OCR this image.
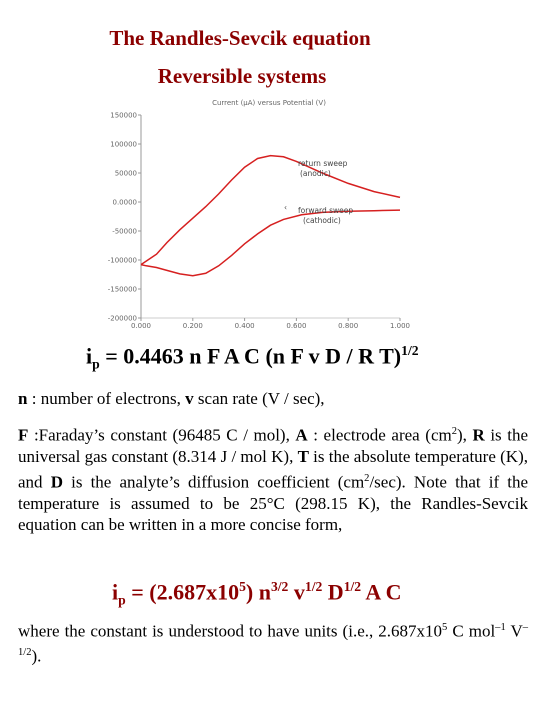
The Randles-Sevcik equation
Reversible systems
Current (µA) versus Potential (V)
150000
100000
50000
0.0000
-50000
-100000
-150000
-200000
0.000	0.200	0.400	0.600	0.800	1.000
return sweep
(anodic)
‹ forward sweep
(cathodic)
$i_p = 0.4463$ n F A C (n F v D / R T)$^{1/2}$
n : number of electrons, v scan rate (V / sec),
F :Faraday’s constant (96485 C / mol), A : electrode area $(cm^2)$, R is the universal gas constant (8.314 J / mol K), T is the absolute temperature (K), and D is the analyte’s diffusion coefficient $(cm^2/\sec)$. Note that if the temperature is assumed to be 25°C (298.15 K), the Randles-Sevcik equation can be written in a more concise form,
$i_p = (2.687x10^5)$ $n^{3/2}$ $v^{1/2}$ $D^{1/2}$ A C
where the constant is understood to have units (i.e., $2.687x10^5$ C mol$^{-1}$ $V^{-1/2}$).
